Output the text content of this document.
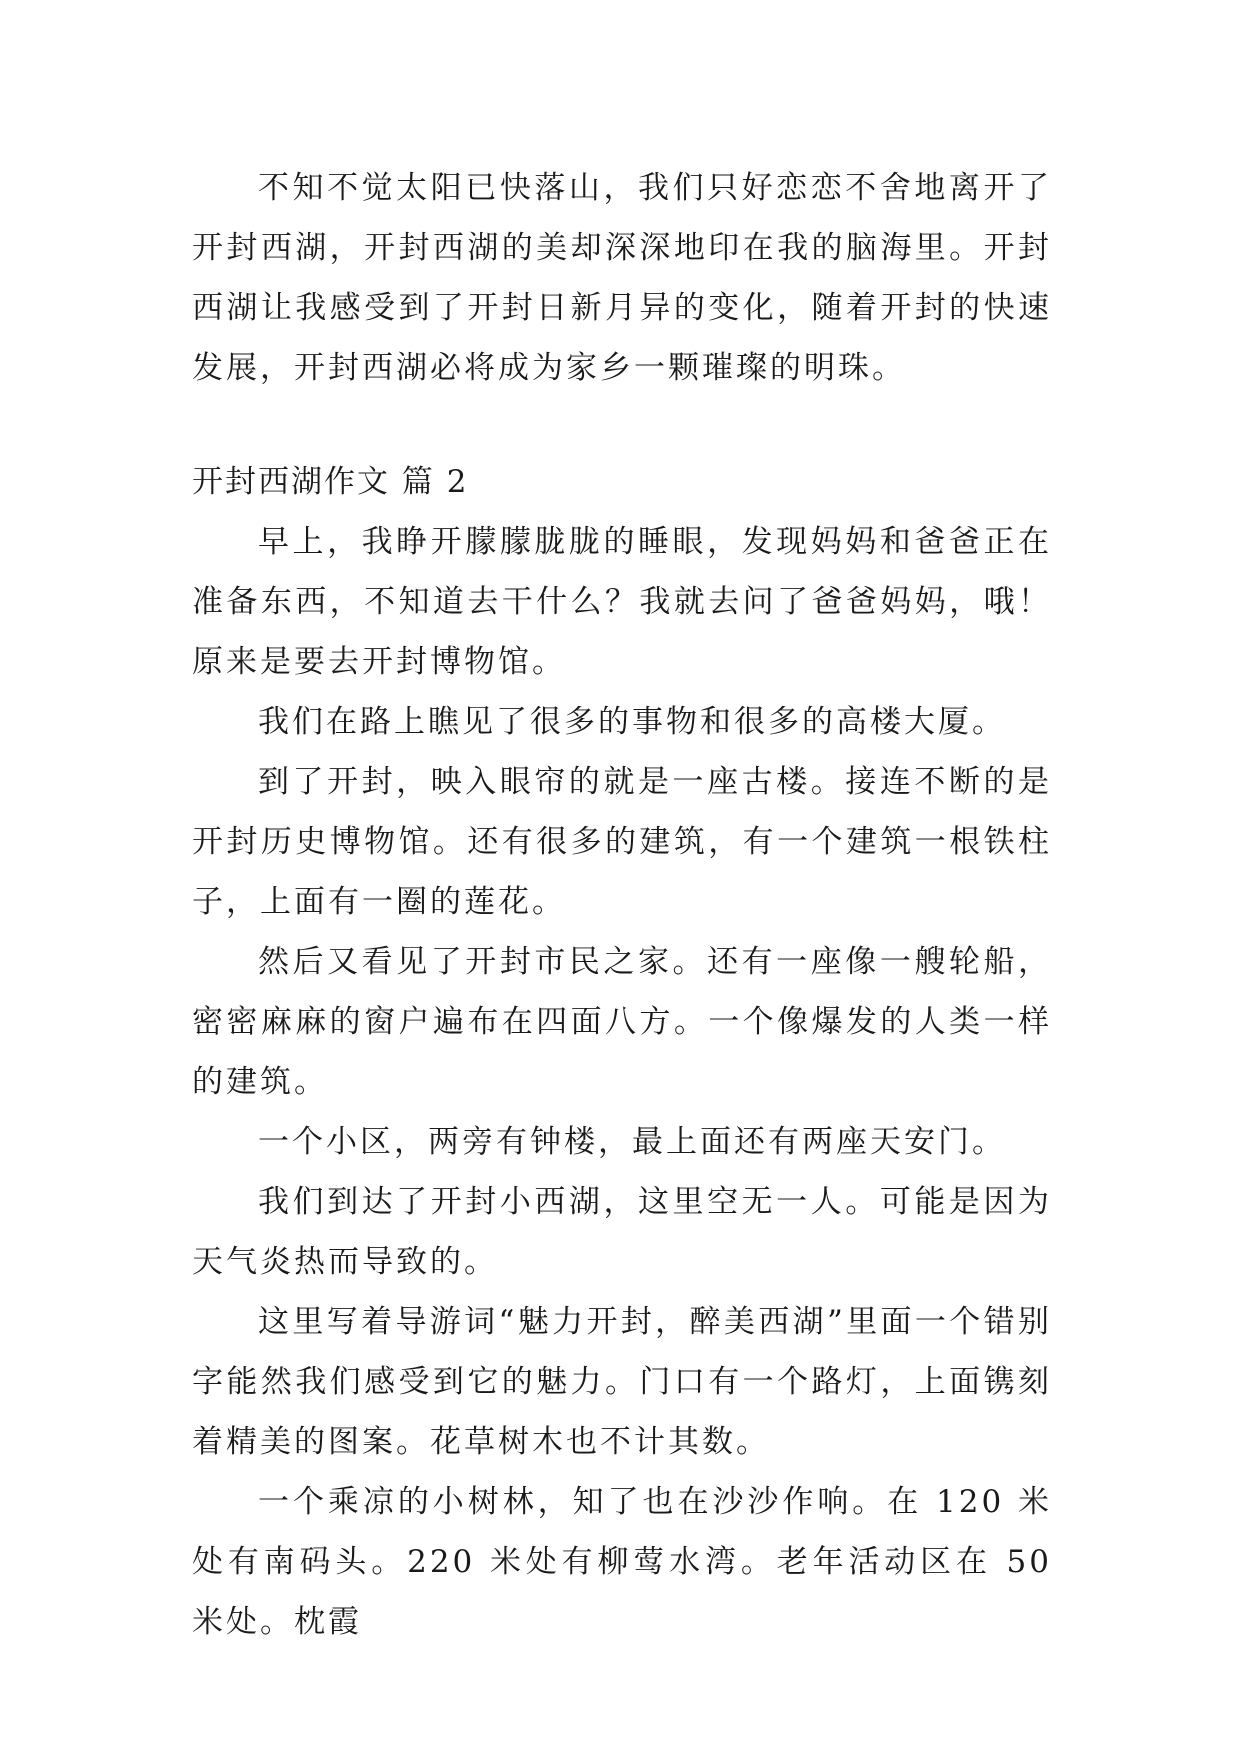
不知不觉太阳已快落山，我们只好恋恋不舍地离开了开封西湖，开封西湖的美却深深地印在我的脑海里。开封西湖让我感受到了开封日新月异的变化，随着开封的快速发展，开封西湖必将成为家乡一颗璀璨的明珠。

开封西湖作文 篇 2

早上，我睁开朦朦胧胧的睡眼，发现妈妈和爸爸正在准备东西，不知道去干什么？我就去问了爸爸妈妈，哦！原来是要去开封博物馆。

我们在路上瞧见了很多的事物和很多的高楼大厦。

到了开封，映入眼帘的就是一座古楼。接连不断的是开封历史博物馆。还有很多的建筑，有一个建筑一根铁柱子，上面有一圈的莲花。

然后又看见了开封市民之家。还有一座像一艘轮船，密密麻麻的窗户遍布在四面八方。一个像爆发的人类一样的建筑。

一个小区，两旁有钟楼，最上面还有两座天安门。

我们到达了开封小西湖，这里空无一人。可能是因为天气炎热而导致的。

这里写着导游词“魅力开封，醉美西湖”里面一个错别字能然我们感受到它的魅力。门口有一个路灯，上面镌刻着精美的图案。花草树木也不计其数。

一个乘凉的小树林，知了也在沙沙作响。在 120 米处有南码头。220 米处有柳莺水湾。老年活动区在 50 米处。枕霞
